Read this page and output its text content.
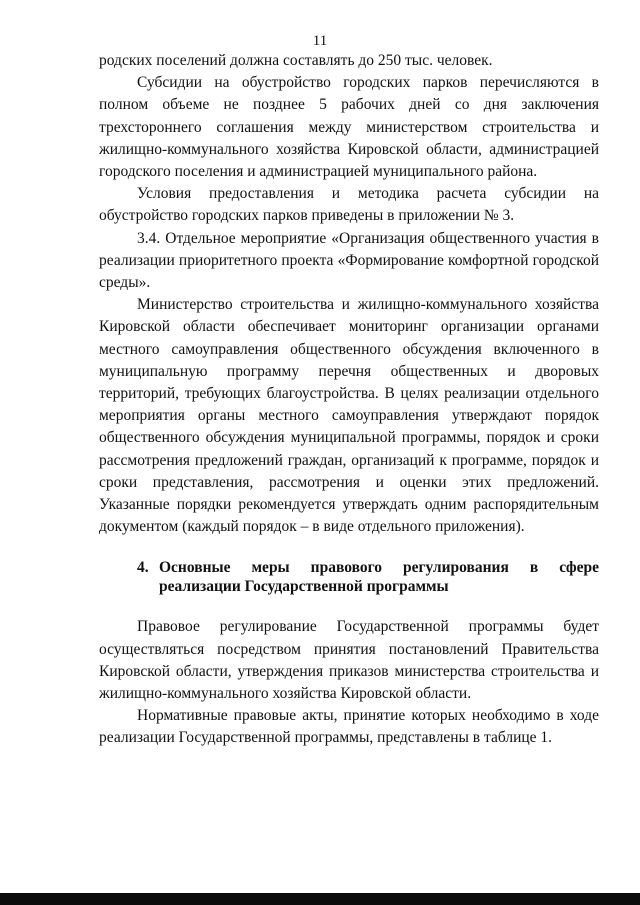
11

родских поселений должна составлять до 250 тыс. человек.

Субсидии на обустройство городских парков перечисляются в полном объеме не позднее 5 рабочих дней со дня заключения трехстороннего соглашения между министерством строительства и жилищно-коммунального хозяйства Кировской области, администрацией городского поселения и администрацией муниципального района.

Условия предоставления и методика расчета субсидии на обустройство городских парков приведены в приложении № 3.

3.4. Отдельное мероприятие «Организация общественного участия в реализации приоритетного проекта «Формирование комфортной городской среды».

Министерство строительства и жилищно-коммунального хозяйства Кировской области обеспечивает мониторинг организации органами местного самоуправления общественного обсуждения включенного в муниципальную программу перечня общественных и дворовых территорий, требующих благоустройства. В целях реализации отдельного мероприятия органы местного самоуправления утверждают порядок общественного обсуждения муниципальной программы, порядок и сроки рассмотрения предложений граждан, организаций к программе, порядок и сроки представления, рассмотрения и оценки этих предложений. Указанные порядки рекомендуется утверждать одним распорядительным документом (каждый порядок – в виде отдельного приложения).

4. Основные меры правового регулирования в сфере реализации Государственной программы

Правовое регулирование Государственной программы будет осуществляться посредством принятия постановлений Правительства Кировской области, утверждения приказов министерства строительства и жилищно-коммунального хозяйства Кировской области.

Нормативные правовые акты, принятие которых необходимо в ходе реализации Государственной программы, представлены в таблице 1.
